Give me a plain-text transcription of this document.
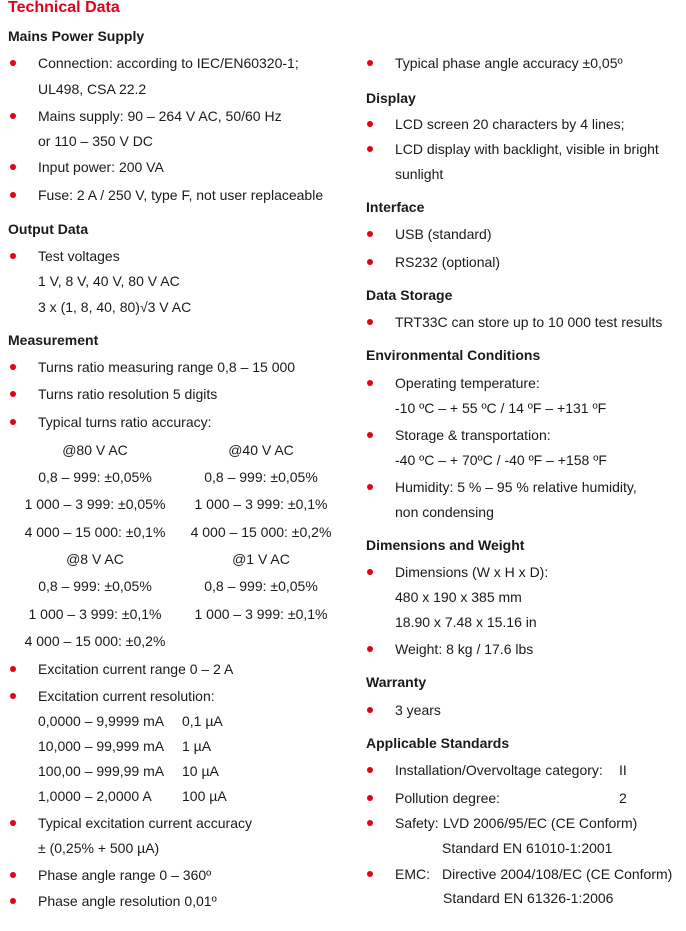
Technical Data
Mains Power Supply
Connection: according to IEC/EN60320-1;
UL498, CSA 22.2
Mains supply: 90 – 264 V AC, 50/60 Hz
or 110 – 350 V DC
Input power: 200 VA
Fuse: 2 A / 250 V, type F, not user replaceable
Output Data
Test voltages
1 V, 8 V, 40 V, 80 V AC
3 x (1, 8, 40, 80)√3 V AC
Measurement
Turns ratio measuring range 0,8 – 15 000
Turns ratio resolution 5 digits
Typical turns ratio accuracy:
@80 V AC	@40 V AC
0,8 – 999: ±0,05%	0,8 – 999: ±0,05%
1 000 – 3 999: ±0,05%	1 000 – 3 999: ±0,1%
4 000 – 15 000: ±0,1%	4 000 – 15 000: ±0,2%
@8 V AC	@1 V AC
0,8 – 999: ±0,05%	0,8 – 999: ±0,05%
1 000 – 3 999: ±0,1%	1 000 – 3 999: ±0,1%
4 000 – 15 000: ±0,2%
Excitation current range 0 – 2 A
Excitation current resolution:
0,0000 – 9,9999 mA 0,1 µA
10,000 – 99,999 mA 1 µA
100,00 – 999,99 mA 10 µA
1,0000 – 2,0000 A 100 µA
Typical excitation current accuracy
± (0,25% + 500 µA)
Phase angle range 0 – 360º
Phase angle resolution 0,01º
Typical phase angle accuracy ±0,05º
Display
LCD screen 20 characters by 4 lines;
LCD display with backlight, visible in bright
sunlight
Interface
USB (standard)
RS232 (optional)
Data Storage
TRT33C can store up to 10 000 test results
Environmental Conditions
Operating temperature:
-10 ºC – + 55 ºC / 14 ºF – +131 ºF
Storage & transportation:
-40 ºC – + 70ºC / -40 ºF – +158 ºF
Humidity: 5 % – 95 % relative humidity,
non condensing
Dimensions and Weight
Dimensions (W x H x D):
480 x 190 x 385 mm
18.90 x 7.48 x 15.16 in
Weight: 8 kg / 17.6 lbs
Warranty
3 years
Applicable Standards
Installation/Overvoltage category: II
Pollution degree:	2
Safety: LVD 2006/95/EC (CE Conform)
Standard EN 61010-1:2001
EMC: Directive 2004/108/EC (CE Conform)
Standard EN 61326-1:2006
